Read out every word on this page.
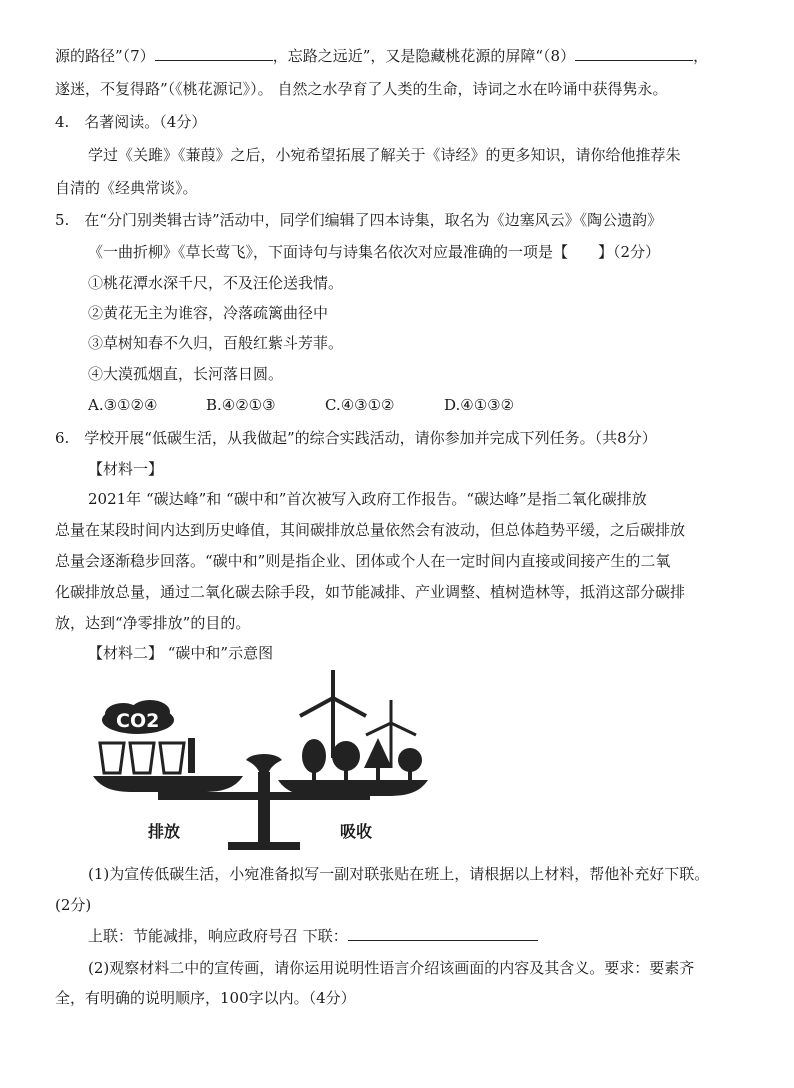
源的路径”（7）	，忘路之远近”，又是隐藏桃花源的屏障“（8）	，
遂迷，不复得路”（《桃花源记》）。 自然之水孕育了人类的生命，诗词之水在吟诵中获得隽永。
4.　名著阅读。（4分）
学过《关雎》《蒹葭》之后，小宛希望拓展了解关于《诗经》的更多知识，请你给他推荐朱
自清的《经典常谈》。
5.　在“分门别类辑古诗”活动中，同学们编辑了四本诗集，取名为《边塞风云》《陶公遗韵》
《一曲折柳》《草长莺飞》，下面诗句与诗集名依次对应最准确的一项是【　　】（2分）
①桃花潭水深千尺，不及汪伦送我情。
②黄花无主为谁容，冷落疏篱曲径中
③草树知春不久归，百般红紫斗芳菲。
④大漠孤烟直，长河落日圆。
A.③①②④	B.④②①③	C.④③①②	D.④①③②
6.　学校开展“低碳生活，从我做起”的综合实践活动，请你参加并完成下列任务。（共8分）
【材料一】
2021年 “碳达峰”和 “碳中和”首次被写入政府工作报告。“碳达峰”是指二氧化碳排放
总量在某段时间内达到历史峰值，其间碳排放总量依然会有波动，但总体趋势平缓，之后碳排放
总量会逐渐稳步回落。“碳中和”则是指企业、团体或个人在一定时间内直接或间接产生的二氧
化碳排放总量，通过二氧化碳去除手段，如节能减排、产业调整、植树造林等，抵消这部分碳排
放，达到“净零排放”的目的。
【材料二】 “碳中和”示意图
CO2
排放	吸收
(1)为宣传低碳生活，小宛准备拟写一副对联张贴在班上，请根据以上材料，帮他补充好下联。
(2分)
上联：节能减排，响应政府号召 下联：
(2)观察材料二中的宣传画，请你运用说明性语言介绍该画面的内容及其含义。要求：要素齐
全，有明确的说明顺序，100字以内。（4分）
